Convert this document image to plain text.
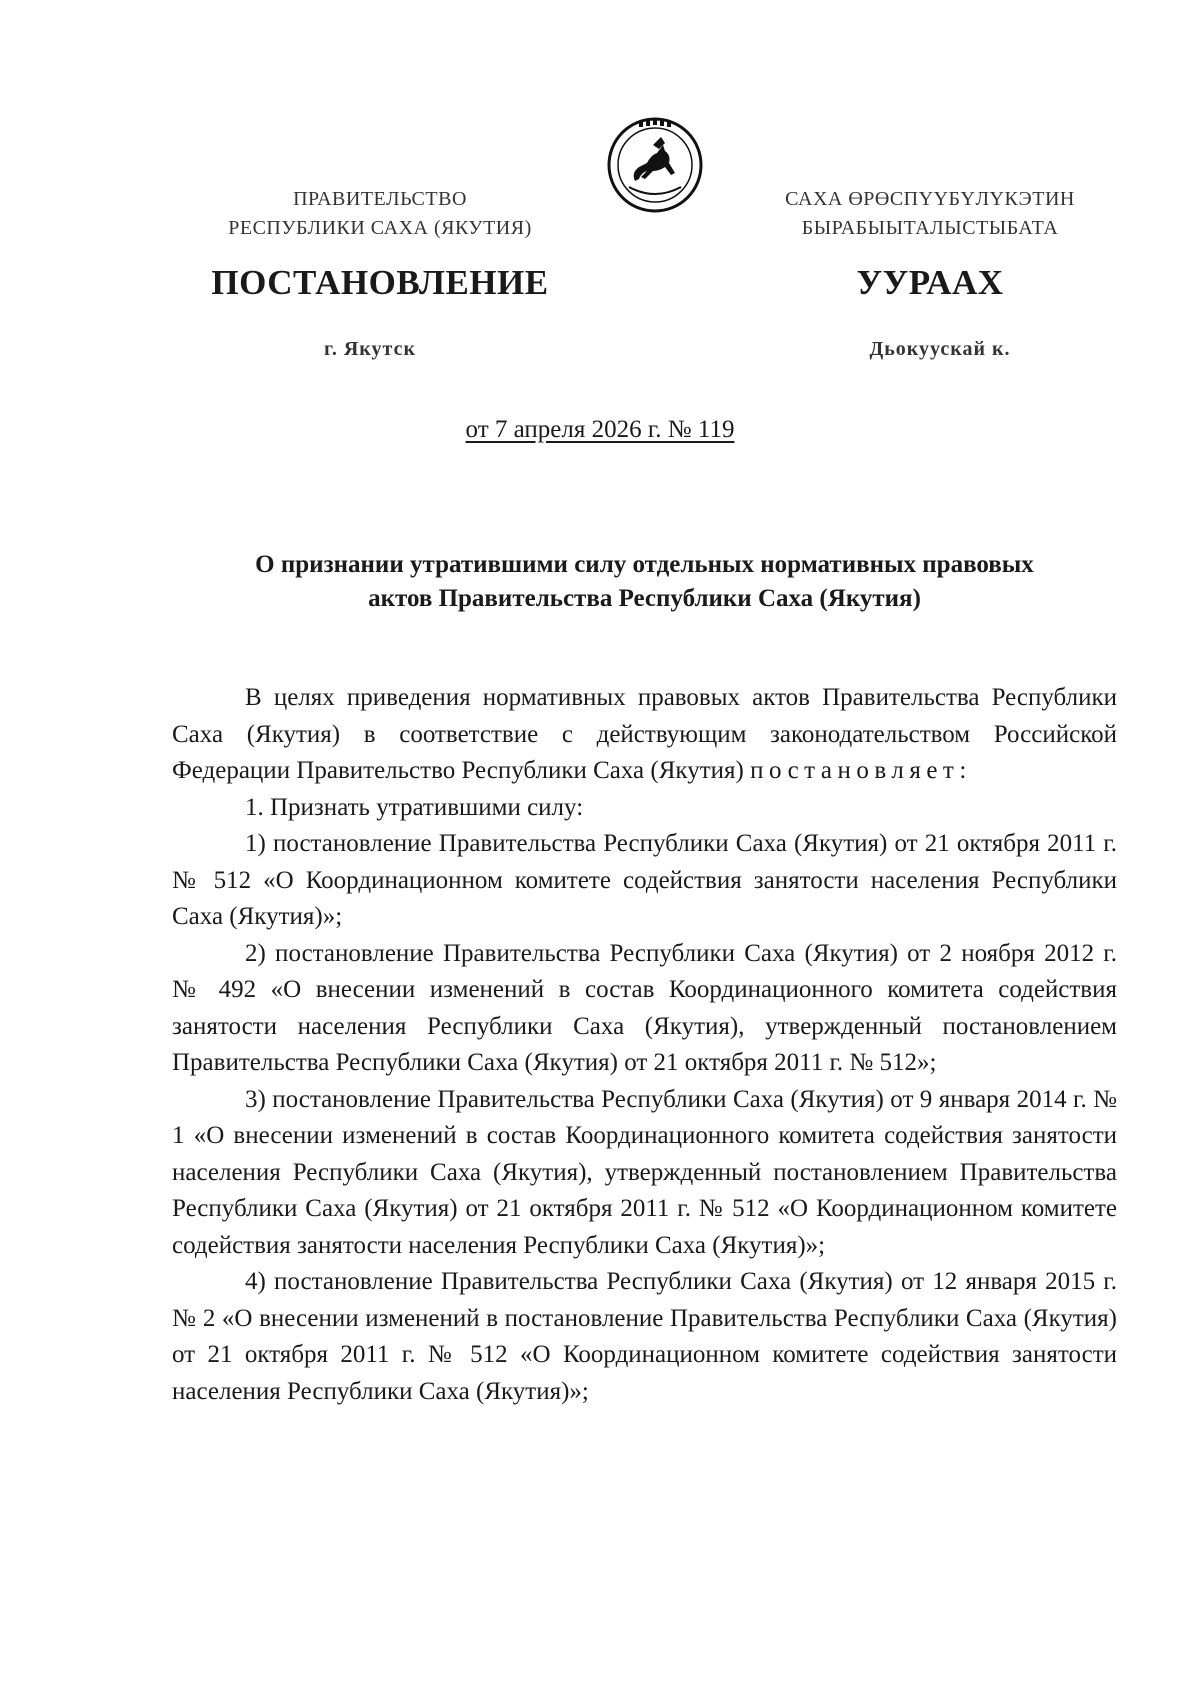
ПРАВИТЕЛЬСТВО
РЕСПУБЛИКИ САХА (ЯКУТИЯ)
САХА ӨРӨСПҮҮБҮЛҮКЭТИН
БЫРАБЫЫТАЛЫСТЫБАТА
ПОСТАНОВЛЕНИЕ	УУРААХ
г. Якутск	Дьокуускай к.
от 7 апреля 2026 г. № 119
О признании утратившими силу отдельных нормативных правовых
актов Правительства Республики Саха (Якутия)

В целях приведения нормативных правовых актов Правительства Республики Саха (Якутия) в соответствие с действующим законодательством Российской Федерации Правительство Республики Саха (Якутия) постановляет:

1. Признать утратившими силу:

1) постановление Правительства Республики Саха (Якутия) от 21 октября 2011 г. № 512 «О Координационном комитете содействия занятости населения Республики Саха (Якутия)»;

2) постановление Правительства Республики Саха (Якутия) от 2 ноября 2012 г. № 492 «О внесении изменений в состав Координационного комитета содействия занятости населения Республики Саха (Якутия), утвержденный постановлением Правительства Республики Саха (Якутия) от 21 октября 2011 г. № 512»;

3) постановление Правительства Республики Саха (Якутия) от 9 января 2014 г. № 1 «О внесении изменений в состав Координационного комитета содействия занятости населения Республики Саха (Якутия), утвержденный постановлением Правительства Республики Саха (Якутия) от 21 октября 2011 г. № 512 «О Координационном комитете содействия занятости населения Республики Саха (Якутия)»;

4) постановление Правительства Республики Саха (Якутия) от 12 января 2015 г. № 2 «О внесении изменений в постановление Правительства Республики Саха (Якутия) от 21 октября 2011 г. № 512 «О Координационном комитете содействия занятости населения Республики Саха (Якутия)»;
